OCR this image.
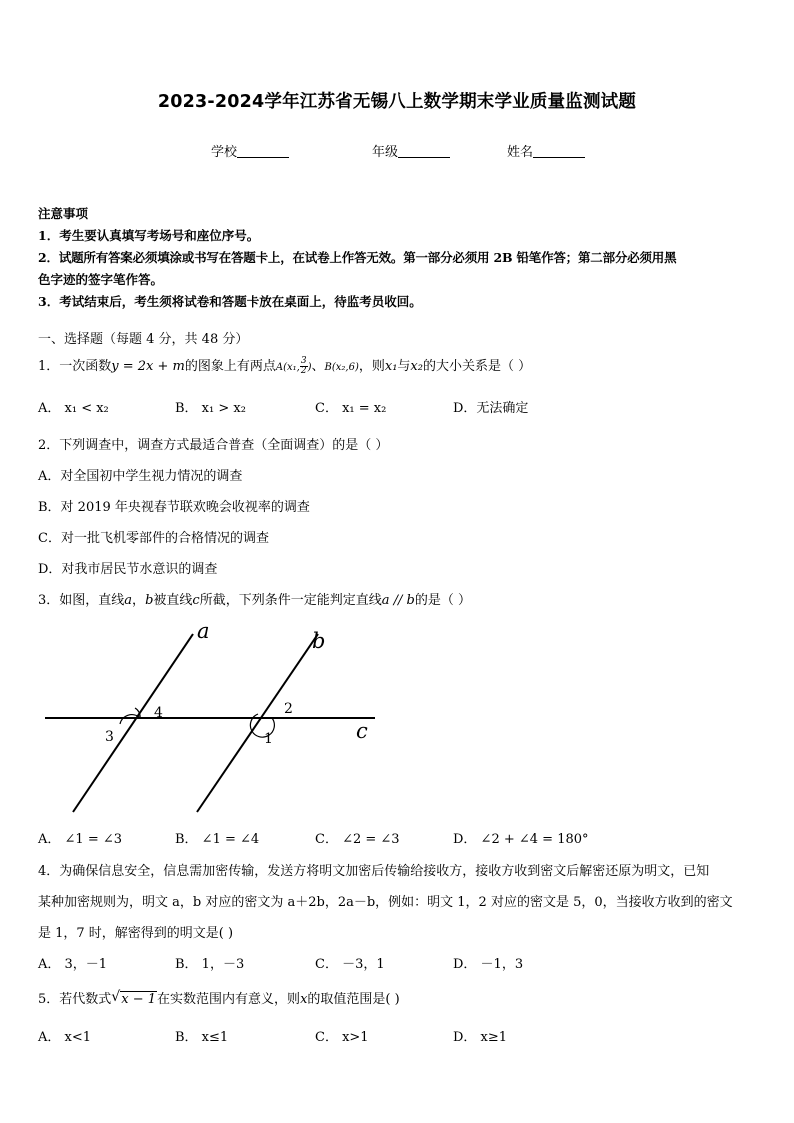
2023-2024学年江苏省无锡八上数学期末学业质量监测试题
学校	年级	姓名
注意事项
1．考生要认真填写考场号和座位序号。
2．试题所有答案必须填涂或书写在答题卡上，在试卷上作答无效。第一部分必须用 2B 铅笔作答；第二部分必须用黑
色字迹的签字笔作答。
3．考试结束后，考生须将试卷和答题卡放在桌面上，待监考员收回。
一、选择题（每题 4 分，共 48 分）
1．一次函数y = 2x + m的图象上有两点A(x₁, $\frac{3}{2}$ )、B(x₂,6)，则x₁与x₂的大小关系是（ ）
A． x₁ < x₂	B． x₁ > x₂	C． x₁ = x₂	D．无法确定
2．下列调查中，调查方式最适合普查（全面调查）的是（ ）
A．对全国初中学生视力情况的调查
B．对 2019 年央视春节联欢晚会收视率的调查
C．对一批飞机零部件的合格情况的调查
D．对我市居民节水意识的调查
3．如图，直线a，b被直线c所截，下列条件一定能判定直线a // b的是（ ）
a	b
c
1
2
3
4
A． ∠1 = ∠3	B． ∠1 = ∠4	C． ∠2 = ∠3	D． ∠2 + ∠4 = 180°
4．为确保信息安全，信息需加密传输，发送方将明文加密后传输给接收方，接收方收到密文后解密还原为明文，已知
某种加密规则为，明文 a，b 对应的密文为 a＋2b，2a－b，例如：明文 1，2 对应的密文是 5，0，当接收方收到的密文
是 1，7 时，解密得到的明文是( )
A． 3，－1	B． 1，－3	C． －3，1	D． －1，3
5．若代数式 √ x − 1在实数范围内有意义，则x的取值范围是( )
A． x<1	B． x≤1	C． x>1	D． x≥1
